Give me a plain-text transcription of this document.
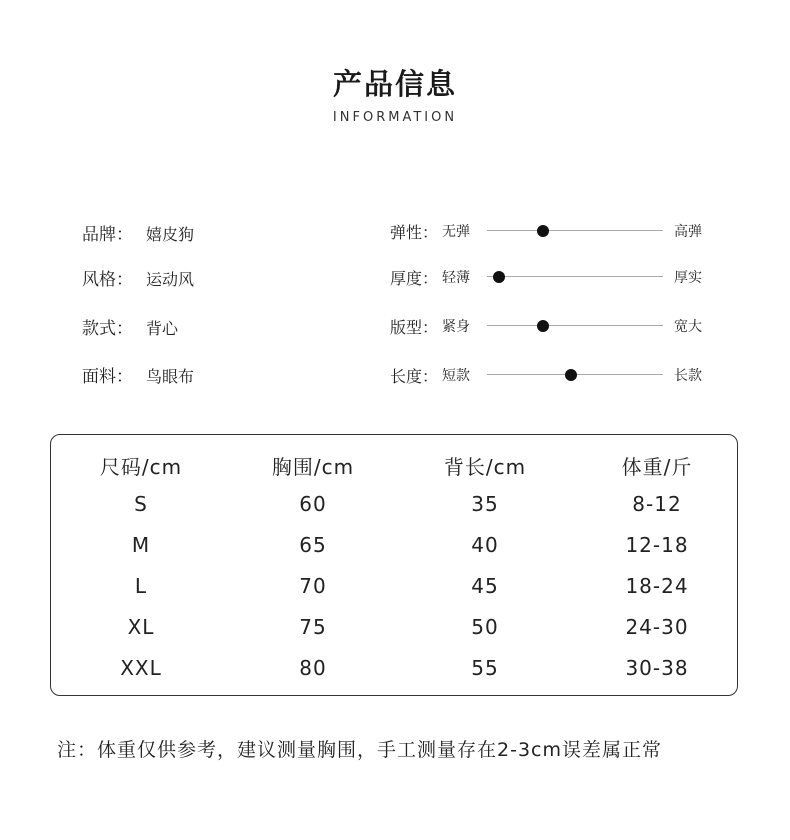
产品信息
INFORMATION
品牌： 嬉皮狗
风格： 运动风
款式： 背心
面料： 鸟眼布
弹性： 无弹	高弹
厚度： 轻薄	厚实
版型： 紧身	宽大
长度： 短款	长款
尺码/cm	胸围/cm	背长/cm	体重/斤
S	60	35	8-12
M	65	40	12-18
L	70	45	18-24
XL	75	50	24-30
XXL	80	55	30-38
注：体重仅供参考，建议测量胸围，手工测量存在2-3cm误差属正常
